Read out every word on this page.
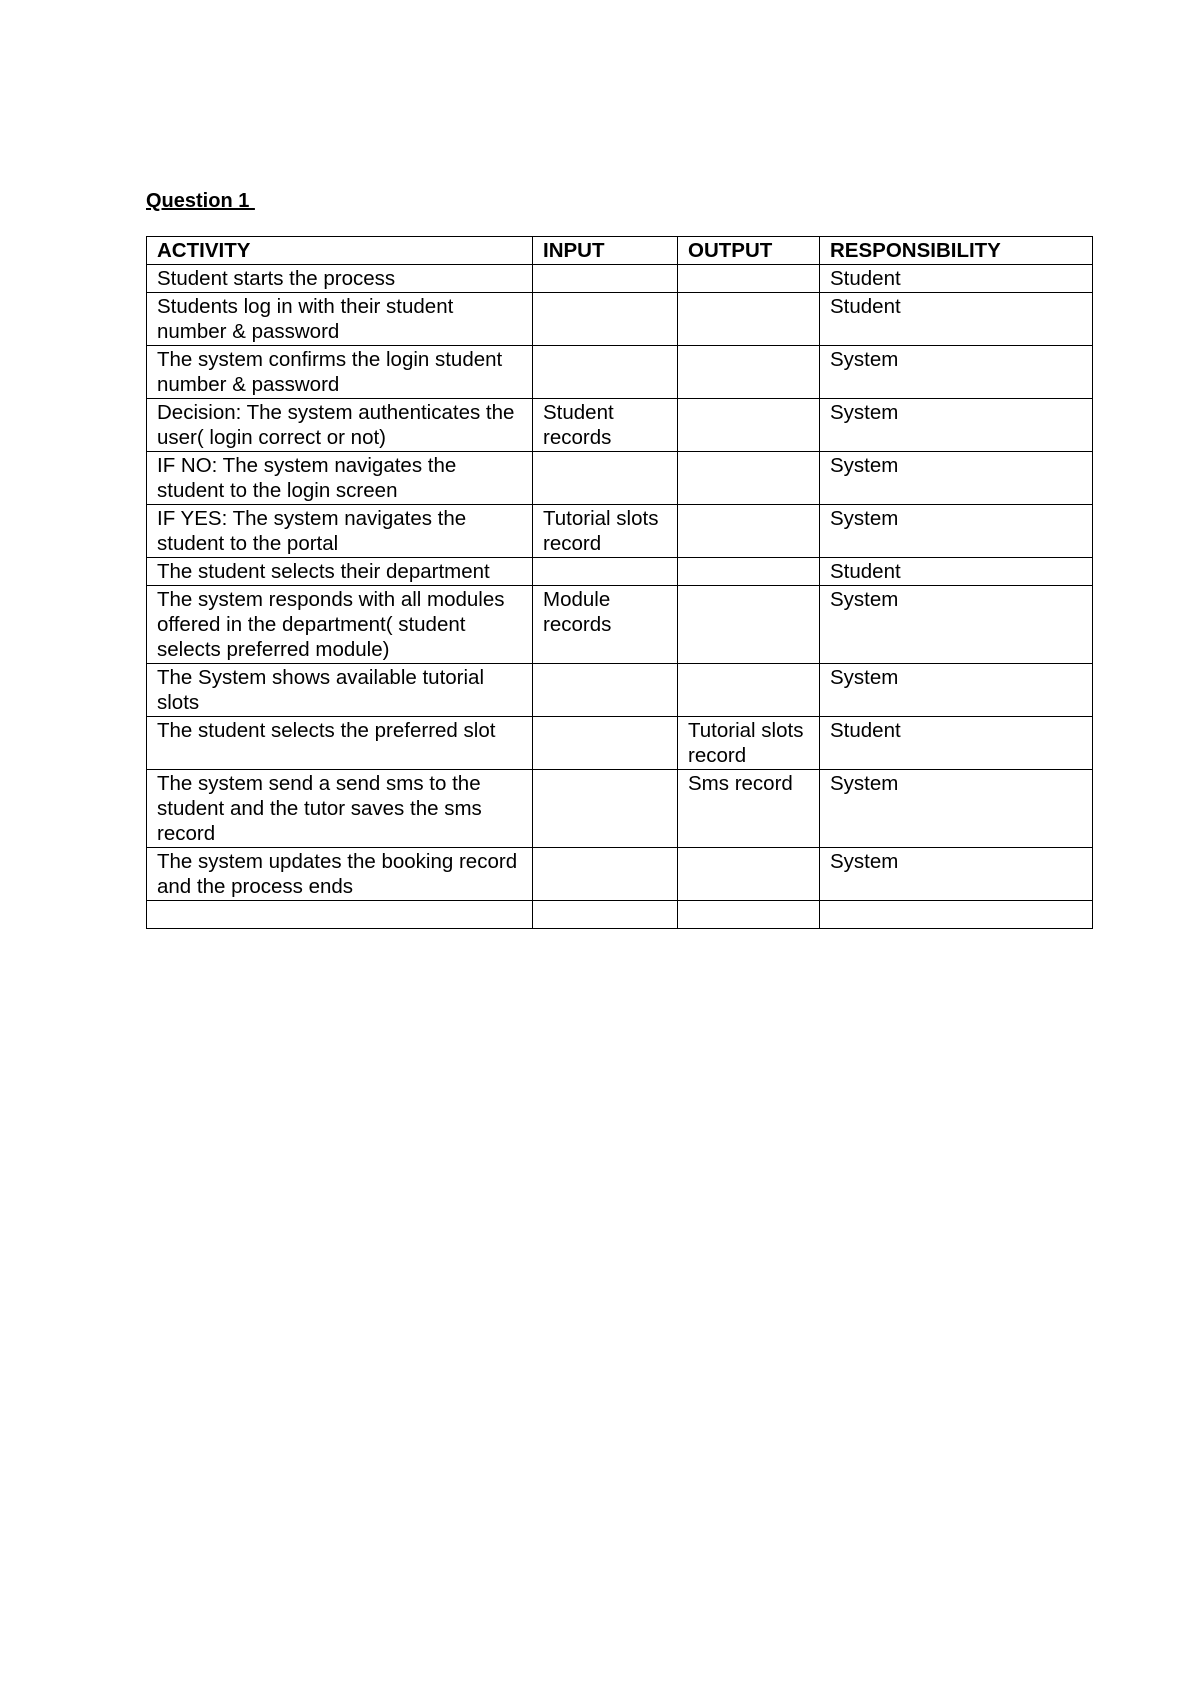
Question 1
ACTIVITY	INPUT	OUTPUT	RESPONSIBILITY
Student starts the process			Student
Students log in with their student number & password			Student
The system confirms the login student number & password			System
Decision: The system authenticates the user( login correct or not)	Student records		System
IF NO: The system navigates the student to the login screen			System
IF YES: The system navigates the student to the portal	Tutorial slots record		System
The student selects their department			Student
The system responds with all modules offered in the department( student selects preferred module)	Module records		System
The System shows available tutorial slots			System
The student selects the preferred slot		Tutorial slots record	Student
The system send a send sms to the student and the tutor saves the sms record		Sms record	System
The system updates the booking record and the process ends			System
